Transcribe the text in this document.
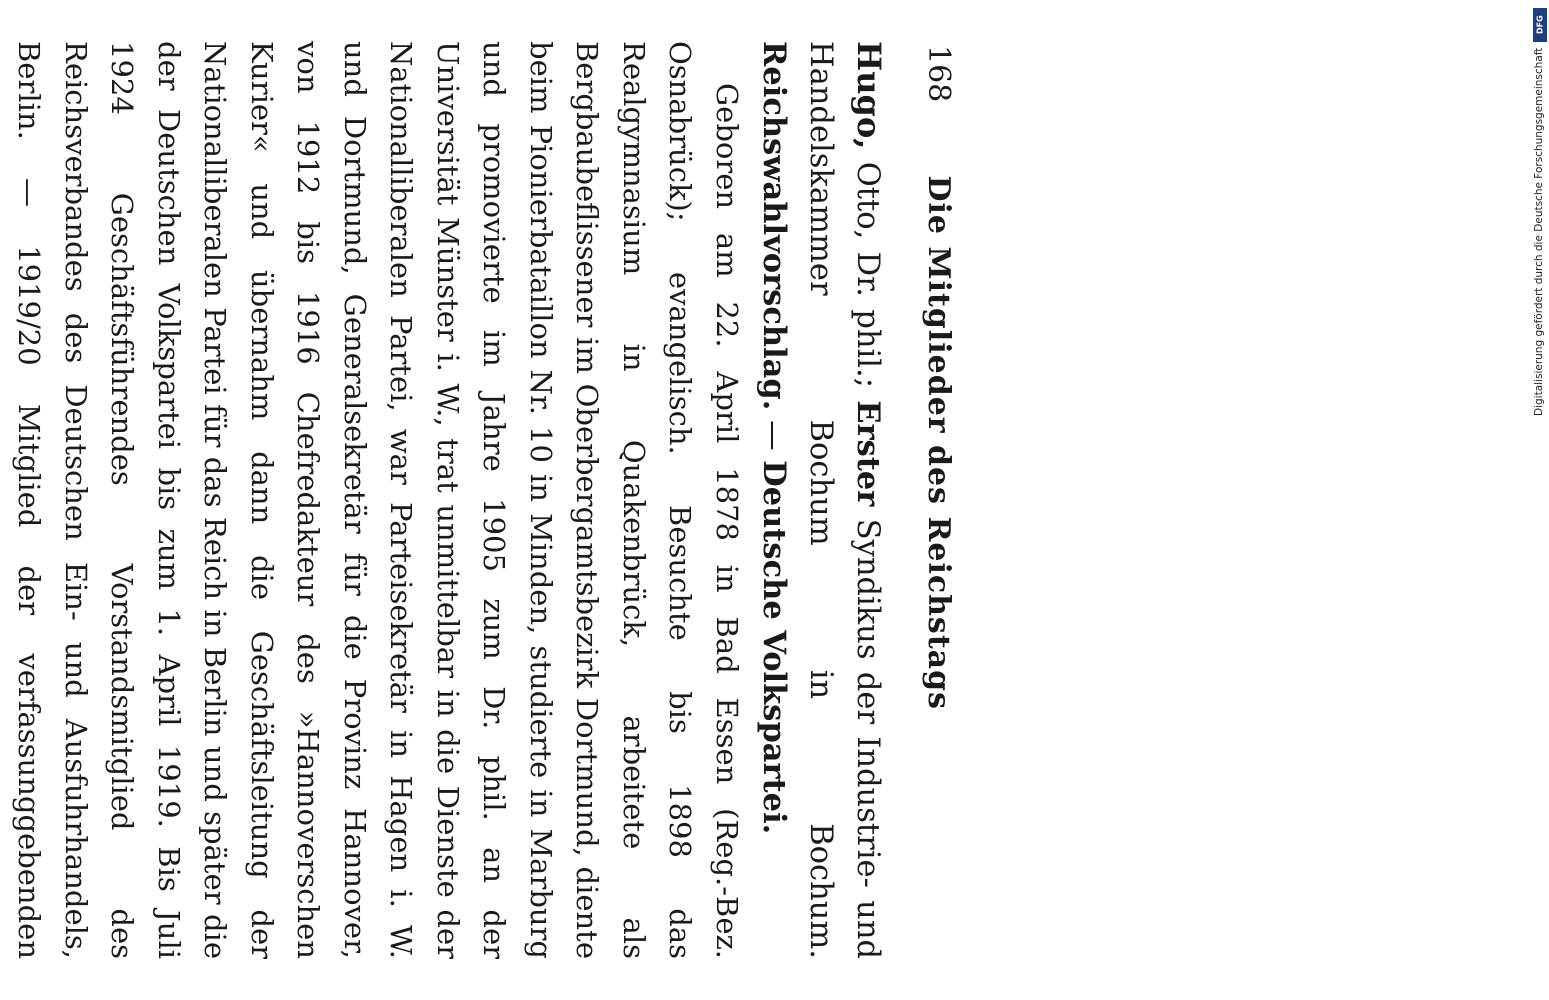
168
Die Mitglieder des Reichstags

Hugo, Otto, Dr. phil.; Erster Syndikus der Industrie- und Handelskammer Bochum in Bochum. Reichswahlvorschlag. — Deutsche Volkspartei.

Geboren am 22. April 1878 in Bad Essen (Reg.-Bez. Osnabrück); evangelisch. Besuchte bis 1898 das Realgymnasium in Quakenbrück, arbeitete als Bergbaubeflissener im Oberbergamtsbezirk Dortmund, diente beim Pionierbataillon Nr. 10 in Minden, studierte in Marburg und promovierte im Jahre 1905 zum Dr. phil. an der Universität Münster i. W., trat unmittelbar in die Dienste der Nationalliberalen Partei, war Parteisekretär in Hagen i. W. und Dortmund, Generalsekretär für die Provinz Hannover, von 1912 bis 1916 Chefredakteur des »Hannoverschen Kurier« und übernahm dann die Geschäftsleitung der Nationalliberalen Partei für das Reich in Berlin und später die der Deutschen Volkspartei bis zum 1. April 1919. Bis Juli 1924 Geschäftsführendes Vorstandsmitglied des Reichsverbandes des Deutschen Ein- und Ausfuhrhandels, Berlin. — 1919/20 Mitglied der verfassunggebenden

DFG
Digitalisierung gefördert durch die Deutsche Forschungsgemeinschaft
